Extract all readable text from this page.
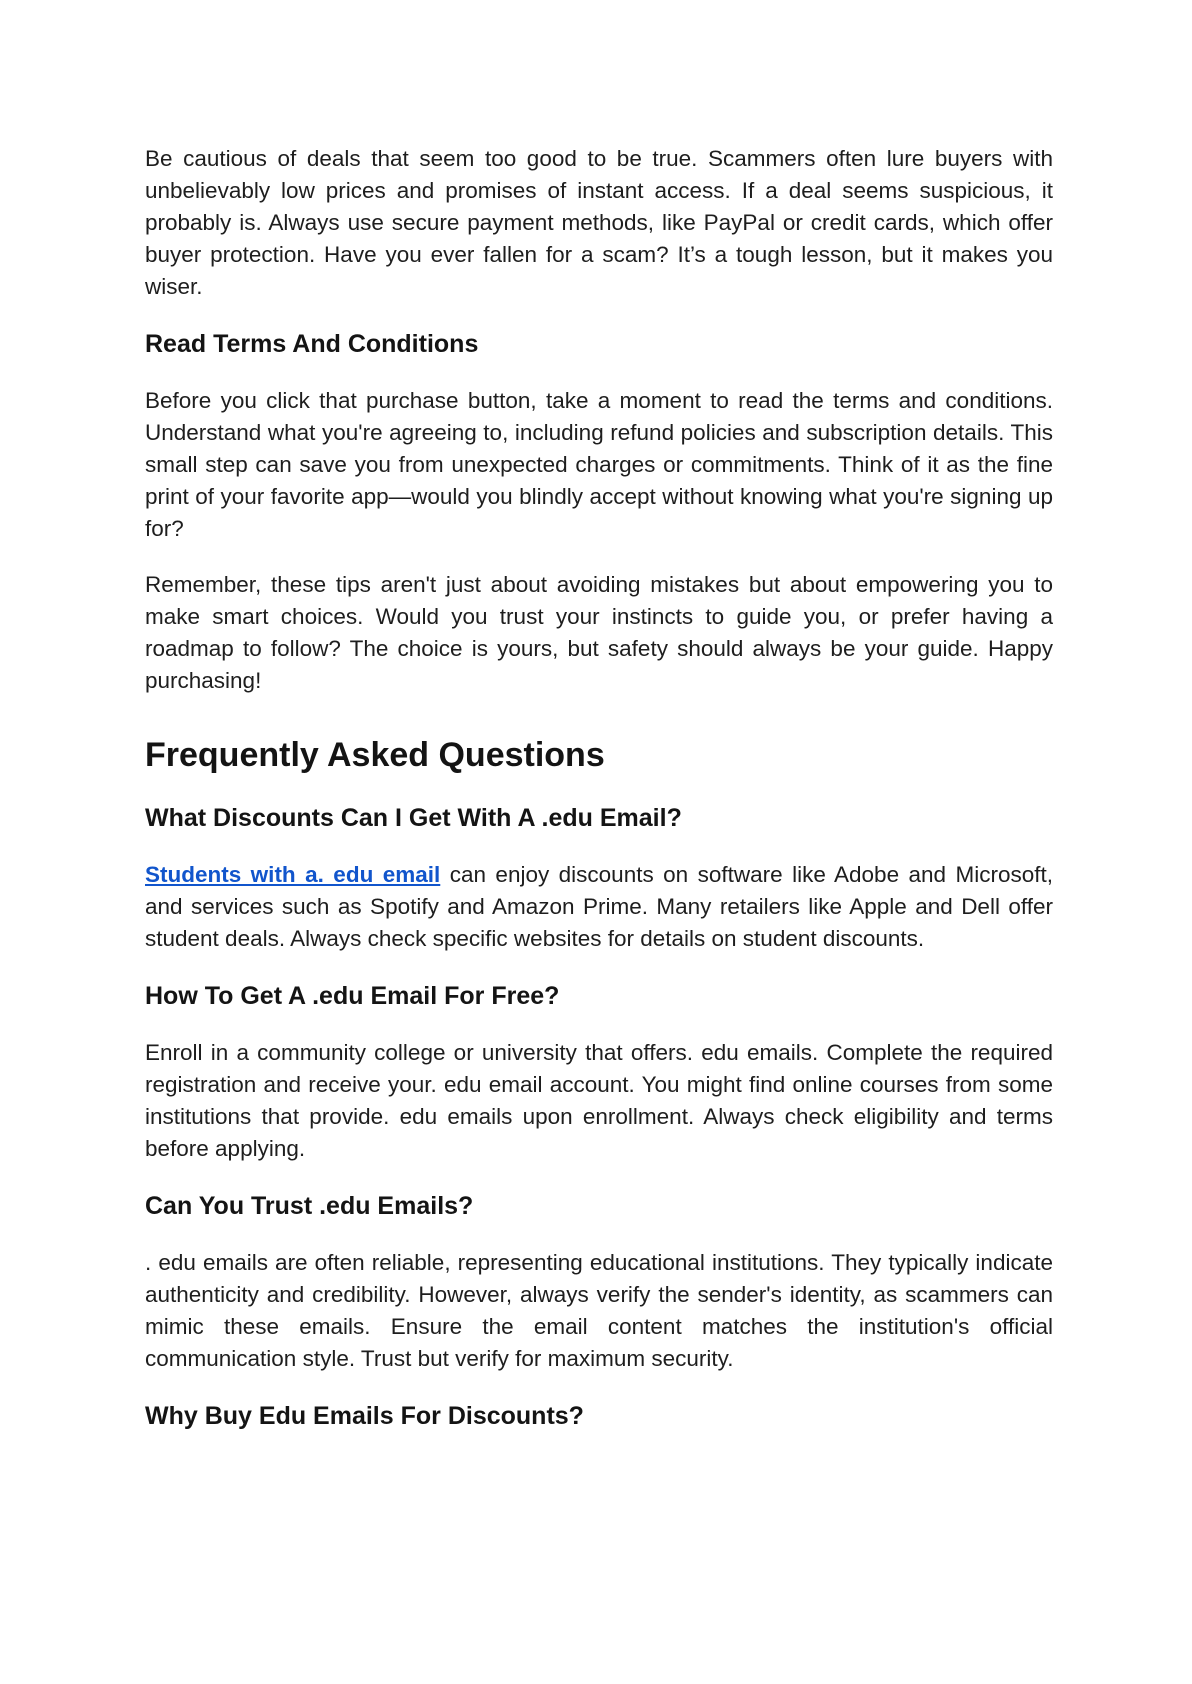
Be cautious of deals that seem too good to be true. Scammers often lure buyers with unbelievably low prices and promises of instant access. If a deal seems suspicious, it probably is. Always use secure payment methods, like PayPal or credit cards, which offer buyer protection. Have you ever fallen for a scam? It’s a tough lesson, but it makes you wiser.

Read Terms And Conditions

Before you click that purchase button, take a moment to read the terms and conditions. Understand what you're agreeing to, including refund policies and subscription details. This small step can save you from unexpected charges or commitments. Think of it as the fine print of your favorite app—would you blindly accept without knowing what you're signing up for?

Remember, these tips aren't just about avoiding mistakes but about empowering you to make smart choices. Would you trust your instincts to guide you, or prefer having a roadmap to follow? The choice is yours, but safety should always be your guide. Happy purchasing!

Frequently Asked Questions
What Discounts Can I Get With A .edu Email?

Students with a. edu email can enjoy discounts on software like Adobe and Microsoft, and services such as Spotify and Amazon Prime. Many retailers like Apple and Dell offer student deals. Always check specific websites for details on student discounts.

How To Get A .edu Email For Free?

Enroll in a community college or university that offers. edu emails. Complete the required registration and receive your. edu email account. You might find online courses from some institutions that provide. edu emails upon enrollment. Always check eligibility and terms before applying.

Can You Trust .edu Emails?

. edu emails are often reliable, representing educational institutions. They typically indicate authenticity and credibility. However, always verify the sender's identity, as scammers can mimic these emails. Ensure the email content matches the institution's official communication style. Trust but verify for maximum security.

Why Buy Edu Emails For Discounts?
